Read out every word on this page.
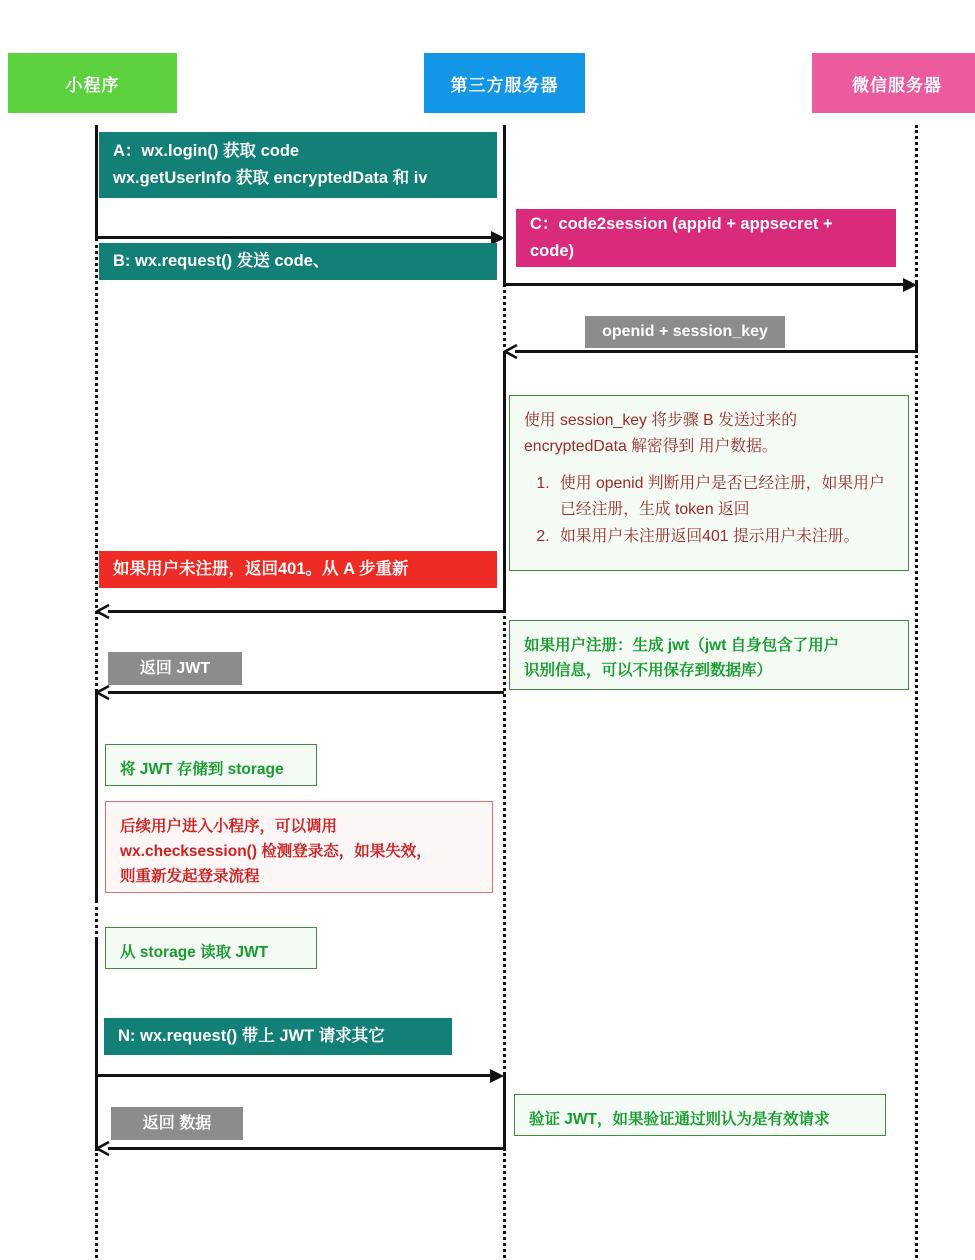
小程序	第三方服务器	微信服务器
A：wx.login() 获取 code
wx.getUserInfo 获取 encryptedData 和 iv
B: wx.request() 发送 code、
C：code2session (appid + appsecret +
code)
openid + session_key

使用 session_key 将步骤 B 发送过来的

encryptedData 解密得到 用户数据。

1. 使用 openid 判断用户是否已经注册，如果用户已经注册，生成 token 返回
2. 如果用户未注册返回401 提示用户未注册。
如果用户未注册，返回401。从 A 步重新

如果用户注册：生成 jwt（jwt 自身包含了用户

识别信息，可以不用保存到数据库）

返回 JWT

将 JWT 存储到 storage

后续用户进入小程序，可以调用

wx.checksession() 检测登录态，如果失效，

则重新发起登录流程

从 storage 读取 JWT

N: wx.request() 带上 JWT 请求其它

验证 JWT，如果验证通过则认为是有效请求

返回 数据
